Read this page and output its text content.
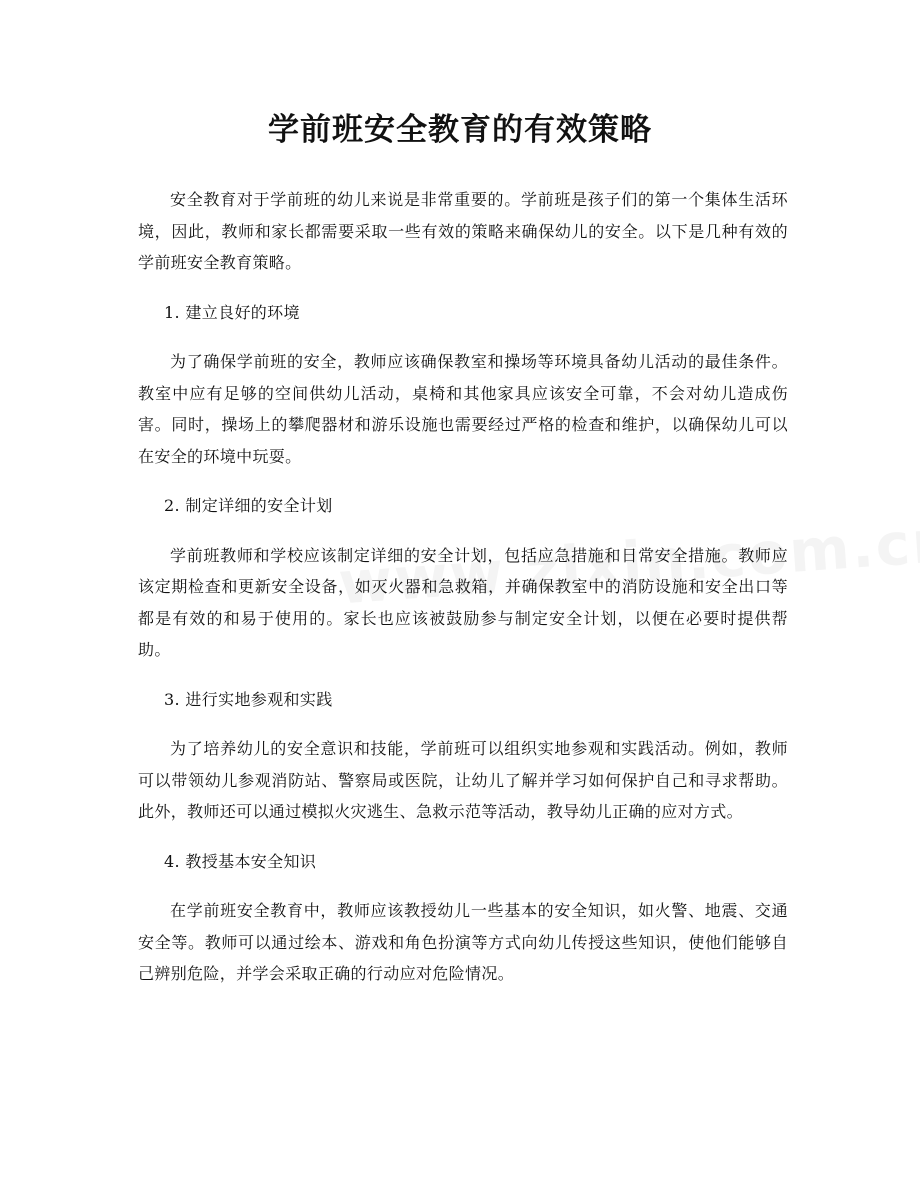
学前班安全教育的有效策略

安全教育对于学前班的幼儿来说是非常重要的。学前班是孩子们的第一个集体生活环境，因此，教师和家长都需要采取一些有效的策略来确保幼儿的安全。以下是几种有效的学前班安全教育策略。

1. 建立良好的环境

为了确保学前班的安全，教师应该确保教室和操场等环境具备幼儿活动的最佳条件。教室中应有足够的空间供幼儿活动，桌椅和其他家具应该安全可靠，不会对幼儿造成伤害。同时，操场上的攀爬器材和游乐设施也需要经过严格的检查和维护，以确保幼儿可以在安全的环境中玩耍。

2. 制定详细的安全计划

学前班教师和学校应该制定详细的安全计划，包括应急措施和日常安全措施。教师应该定期检查和更新安全设备，如灭火器和急救箱，并确保教室中的消防设施和安全出口等都是有效的和易于使用的。家长也应该被鼓励参与制定安全计划，以便在必要时提供帮助。

3. 进行实地参观和实践

为了培养幼儿的安全意识和技能，学前班可以组织实地参观和实践活动。例如，教师可以带领幼儿参观消防站、警察局或医院，让幼儿了解并学习如何保护自己和寻求帮助。此外，教师还可以通过模拟火灾逃生、急救示范等活动，教导幼儿正确的应对方式。

4. 教授基本安全知识

在学前班安全教育中，教师应该教授幼儿一些基本的安全知识，如火警、地震、交通安全等。教师可以通过绘本、游戏和角色扮演等方式向幼儿传授这些知识，使他们能够自己辨别危险，并学会采取正确的行动应对危险情况。
